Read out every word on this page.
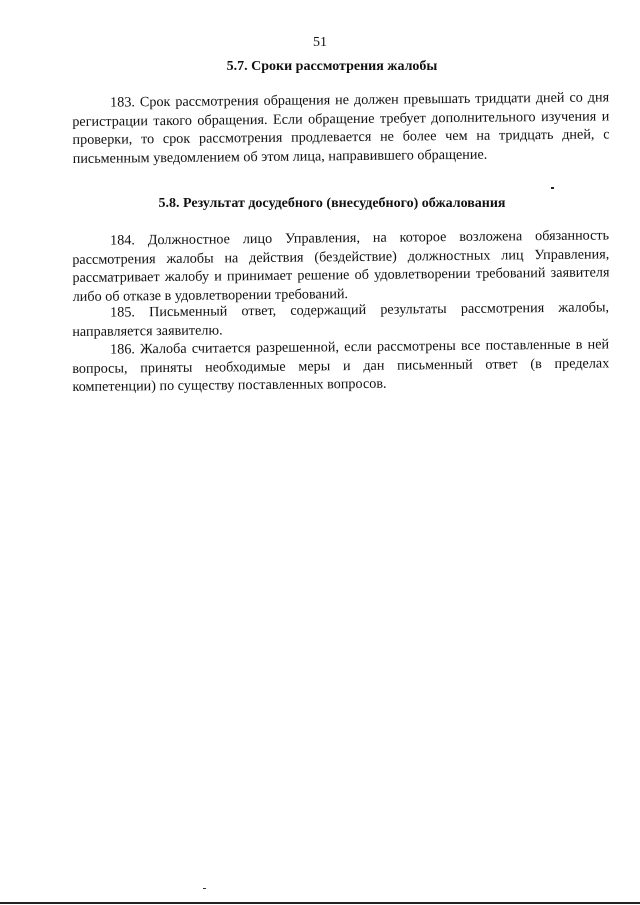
51
5.7. Сроки рассмотрения жалобы

183. Срок рассмотрения обращения не должен превышать тридцати дней со дня регистрации такого обращения. Если обращение требует дополнительного изучения и проверки, то срок рассмотрения продлевается не более чем на тридцать дней, с письменным уведомлением об этом лица, направившего обращение.

5.8. Результат досудебного (внесудебного) обжалования

184. Должностное лицо Управления, на которое возложена обязанность рассмотрения жалобы на действия (бездействие) должностных лиц Управления, рассматривает жалобу и принимает решение об удовлетворении требований заявителя либо об отказе в удовлетворении требований.

185. Письменный ответ, содержащий результаты рассмотрения жалобы, направляется заявителю.

186. Жалоба считается разрешенной, если рассмотрены все поставленные в ней вопросы, приняты необходимые меры и дан письменный ответ (в пределах компетенции) по существу поставленных вопросов.
